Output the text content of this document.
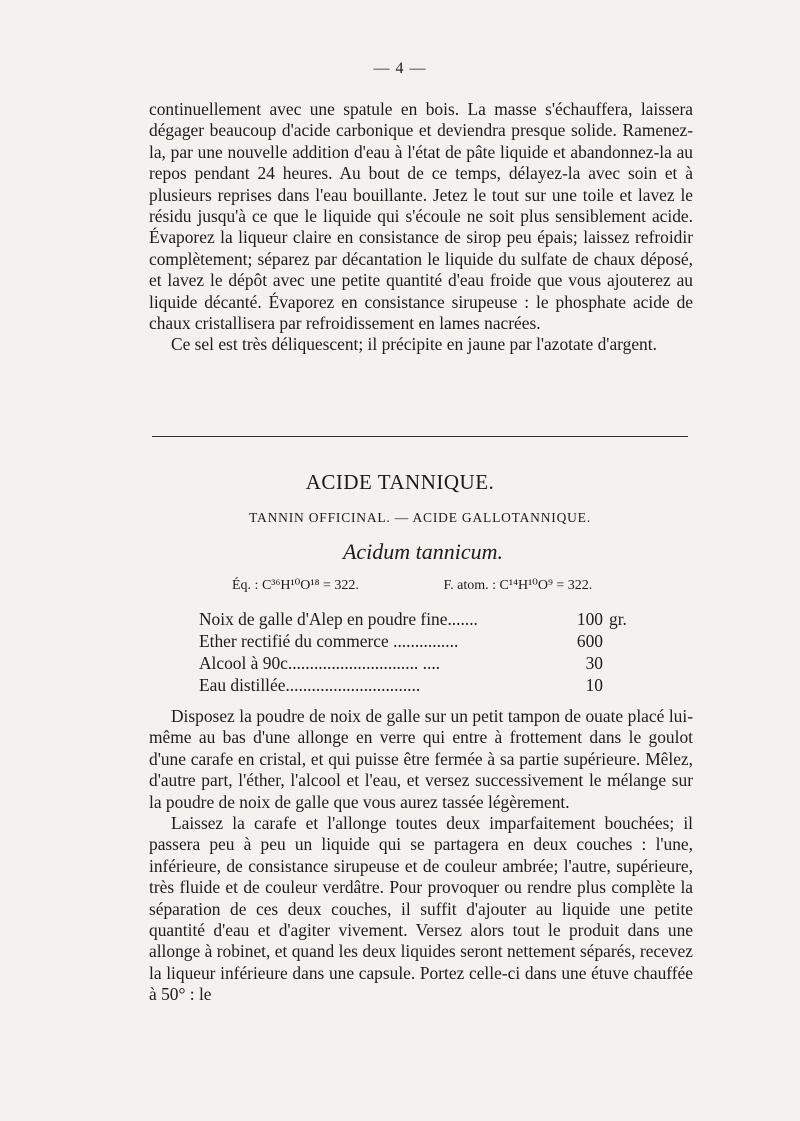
— 4 —

continuellement avec une spatule en bois. La masse s'échauffera, laissera dégager beaucoup d'acide carbonique et deviendra presque solide. Ramenez-la, par une nouvelle addition d'eau à l'état de pâte liquide et abandonnez-la au repos pendant 24 heures. Au bout de ce temps, délayez-la avec soin et à plusieurs reprises dans l'eau bouillante. Jetez le tout sur une toile et lavez le résidu jusqu'à ce que le liquide qui s'écoule ne soit plus sensiblement acide. Évaporez la liqueur claire en consistance de sirop peu épais; laissez refroidir complètement; séparez par décantation le liquide du sulfate de chaux déposé, et lavez le dépôt avec une petite quantité d'eau froide que vous ajouterez au liquide décanté. Évaporez en consistance sirupeuse : le phosphate acide de chaux cristallisera par refroidissement en lames nacrées.

Ce sel est très déliquescent; il précipite en jaune par l'azotate d'argent.

ACIDE TANNIQUE.
TANNIN OFFICINAL. — ACIDE GALLOTANNIQUE.
Acidum tannicum.
Éq. : C³⁶H¹⁰O¹⁸ = 322.	F. atom. : C¹⁴H¹⁰O⁹ = 322.
Noix de galle d'Alep en poudre fine.......	100 gr.
Ether rectifié du commerce ...............	600
Alcool à 90c.............................. ....	30
Eau distillée...............................	10

Disposez la poudre de noix de galle sur un petit tampon de ouate placé lui-même au bas d'une allonge en verre qui entre à frottement dans le goulot d'une carafe en cristal, et qui puisse être fermée à sa partie supérieure. Mêlez, d'autre part, l'éther, l'alcool et l'eau, et versez successivement le mélange sur la poudre de noix de galle que vous aurez tassée légèrement.

Laissez la carafe et l'allonge toutes deux imparfaitement bouchées; il passera peu à peu un liquide qui se partagera en deux couches : l'une, inférieure, de consistance sirupeuse et de couleur ambrée; l'autre, supérieure, très fluide et de couleur verdâtre. Pour provoquer ou rendre plus complète la séparation de ces deux couches, il suffit d'ajouter au liquide une petite quantité d'eau et d'agiter vivement. Versez alors tout le produit dans une allonge à robinet, et quand les deux liquides seront nettement séparés, recevez la liqueur inférieure dans une capsule. Portez celle-ci dans une étuve chauffée à 50° : le
